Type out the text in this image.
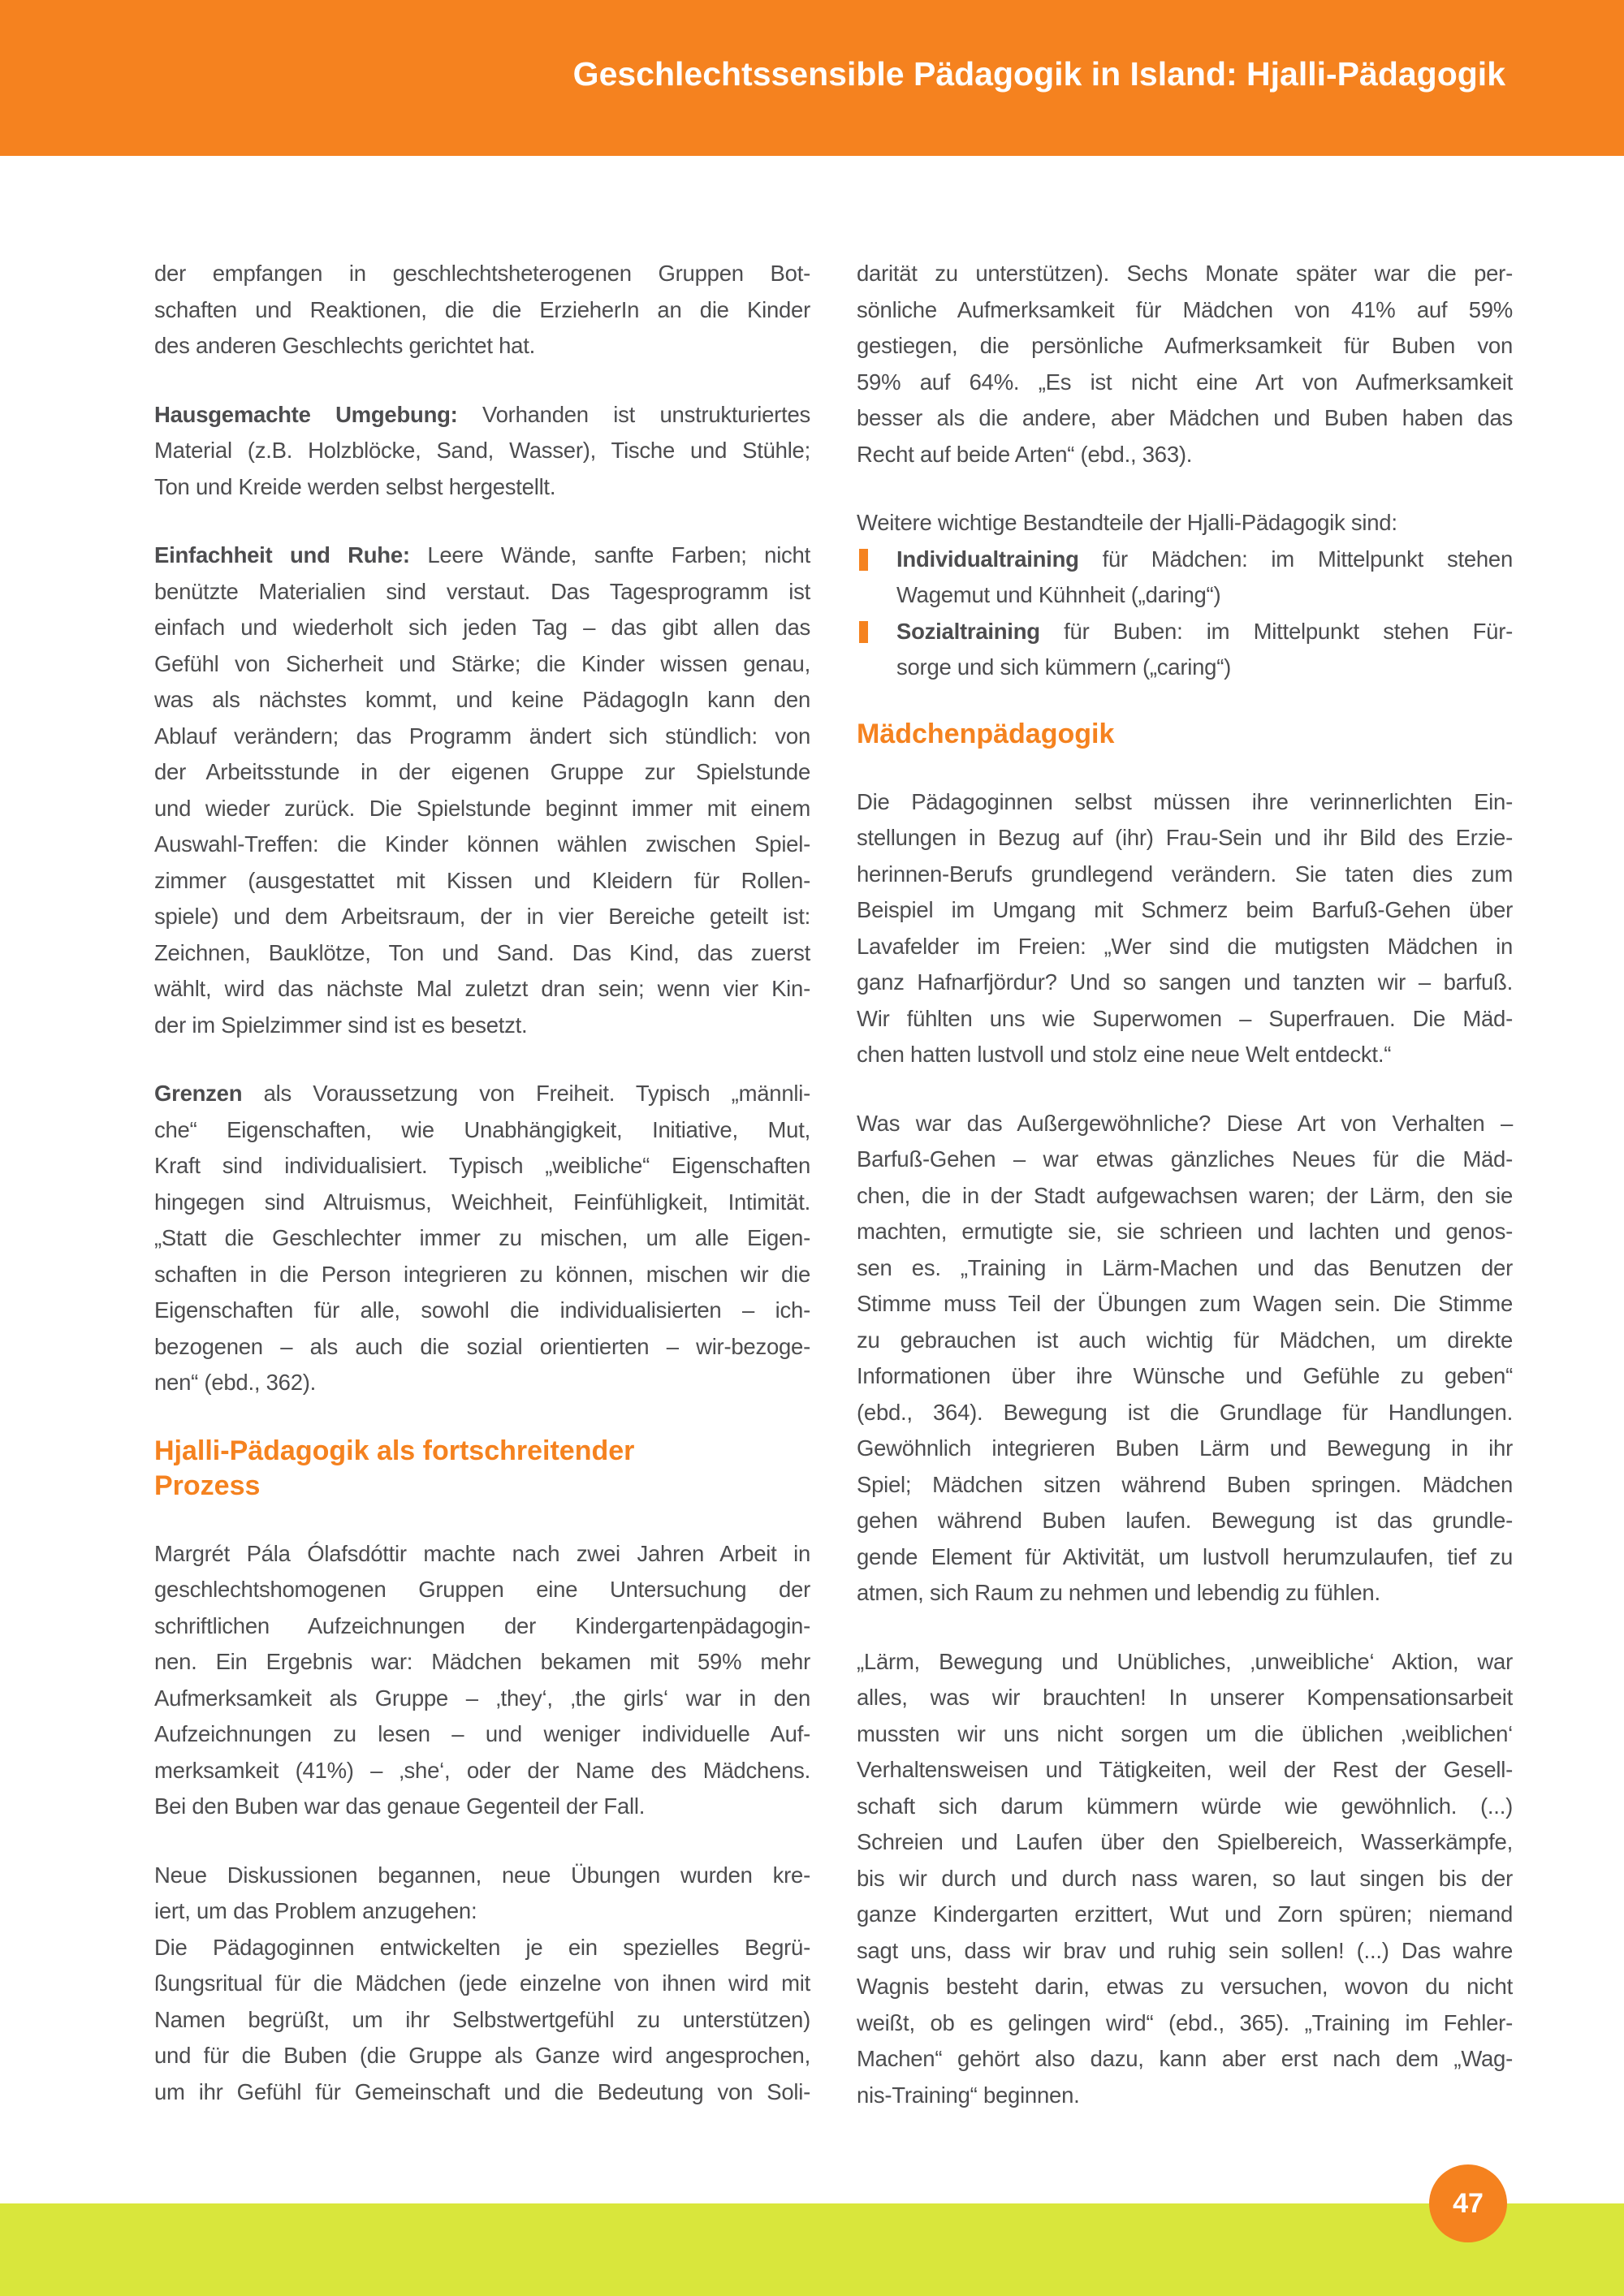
Geschlechtssensible Pädagogik in Island: Hjalli-Pädagogik
der empfangen in geschlechtsheterogenen Gruppen Bot-
schaften und Reaktionen, die die ErzieherIn an die Kinder
des anderen Geschlechts gerichtet hat.
Hausgemachte Umgebung: Vorhanden ist unstrukturiertes
Material (z.B. Holzblöcke, Sand, Wasser), Tische und Stühle;
Ton und Kreide werden selbst hergestellt.
Einfachheit und Ruhe: Leere Wände, sanfte Farben; nicht
benützte Materialien sind verstaut. Das Tagesprogramm ist
einfach und wiederholt sich jeden Tag – das gibt allen das
Gefühl von Sicherheit und Stärke; die Kinder wissen genau,
was als nächstes kommt, und keine PädagogIn kann den
Ablauf verändern; das Programm ändert sich stündlich: von
der Arbeitsstunde in der eigenen Gruppe zur Spielstunde
und wieder zurück. Die Spielstunde beginnt immer mit einem
Auswahl-Treffen: die Kinder können wählen zwischen Spiel-
zimmer (ausgestattet mit Kissen und Kleidern für Rollen-
spiele) und dem Arbeitsraum, der in vier Bereiche geteilt ist:
Zeichnen, Bauklötze, Ton und Sand. Das Kind, das zuerst
wählt, wird das nächste Mal zuletzt dran sein; wenn vier Kin-
der im Spielzimmer sind ist es besetzt.
Grenzen als Voraussetzung von Freiheit. Typisch „männli-
che“ Eigenschaften, wie Unabhängigkeit, Initiative, Mut,
Kraft sind individualisiert. Typisch „weibliche“ Eigenschaften
hingegen sind Altruismus, Weichheit, Feinfühligkeit, Intimität.
„Statt die Geschlechter immer zu mischen, um alle Eigen-
schaften in die Person integrieren zu können, mischen wir die
Eigenschaften für alle, sowohl die individualisierten – ich-
bezogenen – als auch die sozial orientierten – wir-bezoge-
nen“ (ebd., 362).
Hjalli-Pädagogik als fortschreitender
Prozess
Margrét Pála Ólafsdóttir machte nach zwei Jahren Arbeit in
geschlechtshomogenen Gruppen eine Untersuchung der
schriftlichen Aufzeichnungen der Kindergartenpädagogin-
nen. Ein Ergebnis war: Mädchen bekamen mit 59% mehr
Aufmerksamkeit als Gruppe – ‚they‘, ‚the girls‘ war in den
Aufzeichnungen zu lesen – und weniger individuelle Auf-
merksamkeit (41%) – ‚she‘, oder der Name des Mädchens.
Bei den Buben war das genaue Gegenteil der Fall.
Neue Diskussionen begannen, neue Übungen wurden kre-
iert, um das Problem anzugehen:
Die Pädagoginnen entwickelten je ein spezielles Begrü-
ßungsritual für die Mädchen (jede einzelne von ihnen wird mit
Namen begrüßt, um ihr Selbstwertgefühl zu unterstützen)
und für die Buben (die Gruppe als Ganze wird angesprochen,
um ihr Gefühl für Gemeinschaft und die Bedeutung von Soli-
darität zu unterstützen). Sechs Monate später war die per-
sönliche Aufmerksamkeit für Mädchen von 41% auf 59%
gestiegen, die persönliche Aufmerksamkeit für Buben von
59% auf 64%. „Es ist nicht eine Art von Aufmerksamkeit
besser als die andere, aber Mädchen und Buben haben das
Recht auf beide Arten“ (ebd., 363).
Weitere wichtige Bestandteile der Hjalli-Pädagogik sind:
Individualtraining für Mädchen: im Mittelpunkt stehen
Wagemut und Kühnheit („daring“)
Sozialtraining für Buben: im Mittelpunkt stehen Für-
sorge und sich kümmern („caring“)
Mädchenpädagogik
Die Pädagoginnen selbst müssen ihre verinnerlichten Ein-
stellungen in Bezug auf (ihr) Frau-Sein und ihr Bild des Erzie-
herinnen-Berufs grundlegend verändern. Sie taten dies zum
Beispiel im Umgang mit Schmerz beim Barfuß-Gehen über
Lavafelder im Freien: „Wer sind die mutigsten Mädchen in
ganz Hafnarfjördur? Und so sangen und tanzten wir – barfuß.
Wir fühlten uns wie Superwomen – Superfrauen. Die Mäd-
chen hatten lustvoll und stolz eine neue Welt entdeckt.“
Was war das Außergewöhnliche? Diese Art von Verhalten –
Barfuß-Gehen – war etwas gänzliches Neues für die Mäd-
chen, die in der Stadt aufgewachsen waren; der Lärm, den sie
machten, ermutigte sie, sie schrieen und lachten und genos-
sen es. „Training in Lärm-Machen und das Benutzen der
Stimme muss Teil der Übungen zum Wagen sein. Die Stimme
zu gebrauchen ist auch wichtig für Mädchen, um direkte
Informationen über ihre Wünsche und Gefühle zu geben“
(ebd., 364). Bewegung ist die Grundlage für Handlungen.
Gewöhnlich integrieren Buben Lärm und Bewegung in ihr
Spiel; Mädchen sitzen während Buben springen. Mädchen
gehen während Buben laufen. Bewegung ist das grundle-
gende Element für Aktivität, um lustvoll herumzulaufen, tief zu
atmen, sich Raum zu nehmen und lebendig zu fühlen.
„Lärm, Bewegung und Unübliches, ‚unweibliche‘ Aktion, war
alles, was wir brauchten! In unserer Kompensationsarbeit
mussten wir uns nicht sorgen um die üblichen ‚weiblichen‘
Verhaltensweisen und Tätigkeiten, weil der Rest der Gesell-
schaft sich darum kümmern würde wie gewöhnlich. (...)
Schreien und Laufen über den Spielbereich, Wasserkämpfe,
bis wir durch und durch nass waren, so laut singen bis der
ganze Kindergarten erzittert, Wut und Zorn spüren; niemand
sagt uns, dass wir brav und ruhig sein sollen! (...) Das wahre
Wagnis besteht darin, etwas zu versuchen, wovon du nicht
weißt, ob es gelingen wird“ (ebd., 365). „Training im Fehler-
Machen“ gehört also dazu, kann aber erst nach dem „Wag-
nis-Training“ beginnen.
47
